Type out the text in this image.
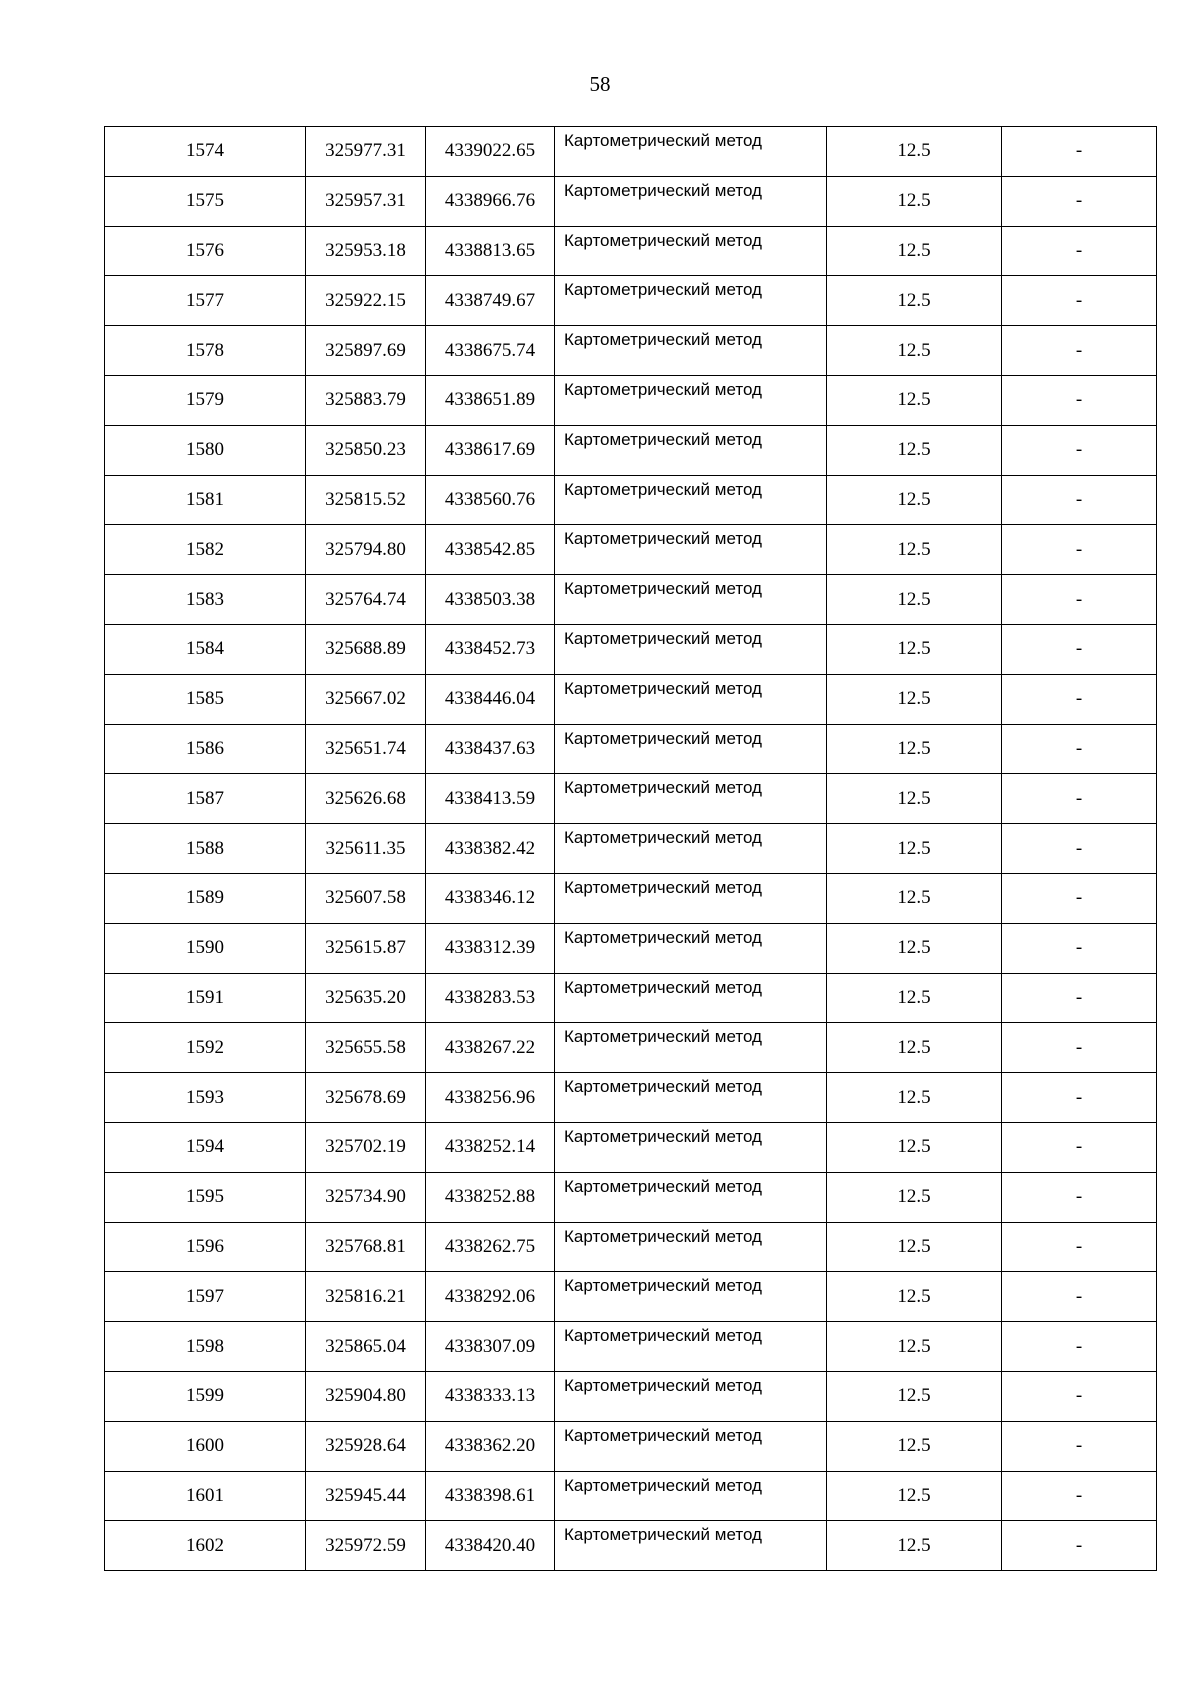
58
1574	325977.31	4339022.65	Картометрический метод	12.5	-
1575	325957.31	4338966.76	Картометрический метод	12.5	-
1576	325953.18	4338813.65	Картометрический метод	12.5	-
1577	325922.15	4338749.67	Картометрический метод	12.5	-
1578	325897.69	4338675.74	Картометрический метод	12.5	-
1579	325883.79	4338651.89	Картометрический метод	12.5	-
1580	325850.23	4338617.69	Картометрический метод	12.5	-
1581	325815.52	4338560.76	Картометрический метод	12.5	-
1582	325794.80	4338542.85	Картометрический метод	12.5	-
1583	325764.74	4338503.38	Картометрический метод	12.5	-
1584	325688.89	4338452.73	Картометрический метод	12.5	-
1585	325667.02	4338446.04	Картометрический метод	12.5	-
1586	325651.74	4338437.63	Картометрический метод	12.5	-
1587	325626.68	4338413.59	Картометрический метод	12.5	-
1588	325611.35	4338382.42	Картометрический метод	12.5	-
1589	325607.58	4338346.12	Картометрический метод	12.5	-
1590	325615.87	4338312.39	Картометрический метод	12.5	-
1591	325635.20	4338283.53	Картометрический метод	12.5	-
1592	325655.58	4338267.22	Картометрический метод	12.5	-
1593	325678.69	4338256.96	Картометрический метод	12.5	-
1594	325702.19	4338252.14	Картометрический метод	12.5	-
1595	325734.90	4338252.88	Картометрический метод	12.5	-
1596	325768.81	4338262.75	Картометрический метод	12.5	-
1597	325816.21	4338292.06	Картометрический метод	12.5	-
1598	325865.04	4338307.09	Картометрический метод	12.5	-
1599	325904.80	4338333.13	Картометрический метод	12.5	-
1600	325928.64	4338362.20	Картометрический метод	12.5	-
1601	325945.44	4338398.61	Картометрический метод	12.5	-
1602	325972.59	4338420.40	Картометрический метод	12.5	-
